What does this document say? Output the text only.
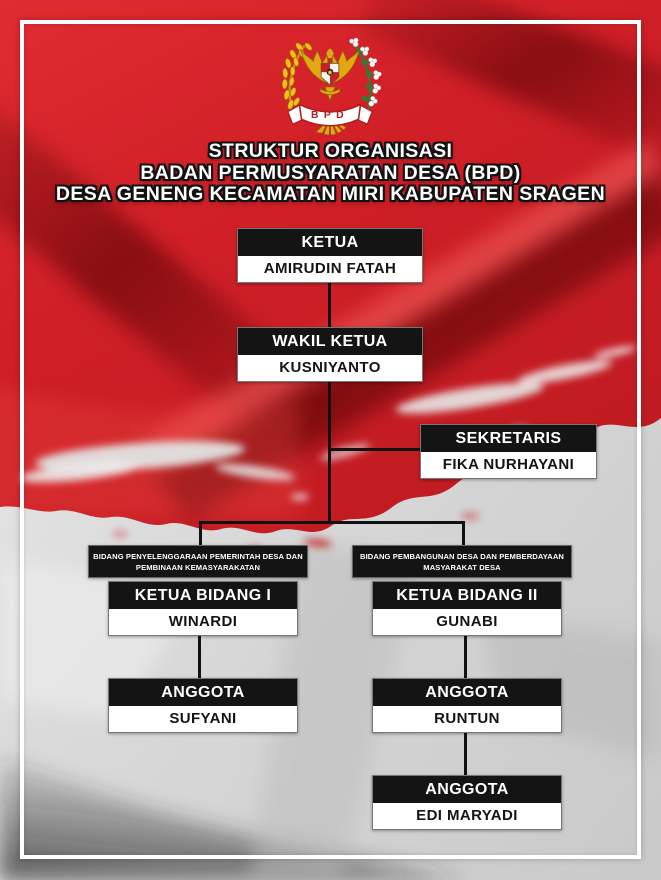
BPD
STRUKTUR ORGANISASI
BADAN PERMUSYARATAN DESA (BPD)
DESA GENENG KECAMATAN MIRI KABUPATEN SRAGEN
KETUA
AMIRUDIN FATAH
WAKIL KETUA
KUSNIYANTO
SEKRETARIS
FIKA NURHAYANI
BIDANG PENYELENGGARAAN PEMERINTAH DESA DAN PEMBINAAN KEMASYARAKATAN
KETUA BIDANG I
WINARDI
ANGGOTA
SUFYANI
BIDANG PEMBANGUNAN DESA DAN PEMBERDAYAAN MASYARAKAT DESA
KETUA BIDANG II
GUNABI
ANGGOTA
RUNTUN
ANGGOTA
EDI MARYADI
